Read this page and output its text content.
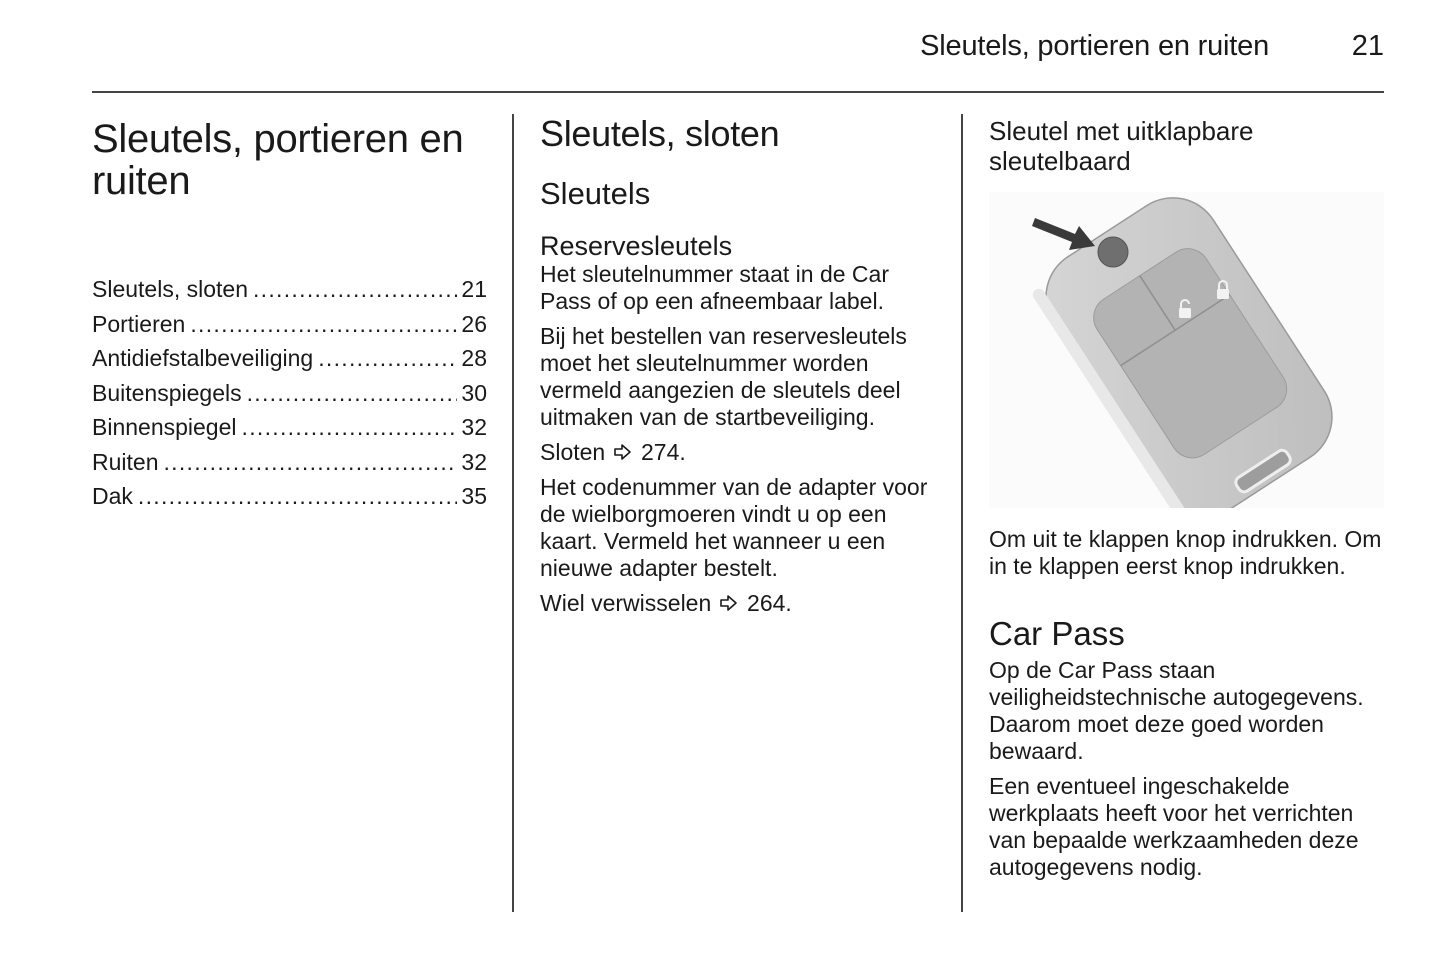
Sleutels, portieren en ruiten	21
Sleutels, portieren en ruiten
Sleutels, sloten .....	21
Portieren .....	26
Antidiefstalbeveiliging .....	28
Buitenspiegels .....	30
Binnenspiegel .....	32
Ruiten .....	32
Dak .....	35
Sleutels, sloten
Sleutels
Reservesleutels

Het sleutelnummer staat in de Car Pass of op een afneembaar label.

Bij het bestellen van reservesleutels moet het sleutelnummer worden vermeld aangezien de sleutels deel uitmaken van de startbeveiliging.

Sloten 274.

Het codenummer van de adapter voor de wielborgmoeren vindt u op een kaart. Vermeld het wanneer u een nieuwe adapter bestelt.

Wiel verwisselen 264.

Sleutel met uitklapbare sleutelbaard

Om uit te klappen knop indrukken. Om in te klappen eerst knop indrukken.

Car Pass

Op de Car Pass staan veiligheidstechnische autogegevens. Daarom moet deze goed worden bewaard.

Een eventueel ingeschakelde werkplaats heeft voor het verrichten van bepaalde werkzaamheden deze autogegevens nodig.
